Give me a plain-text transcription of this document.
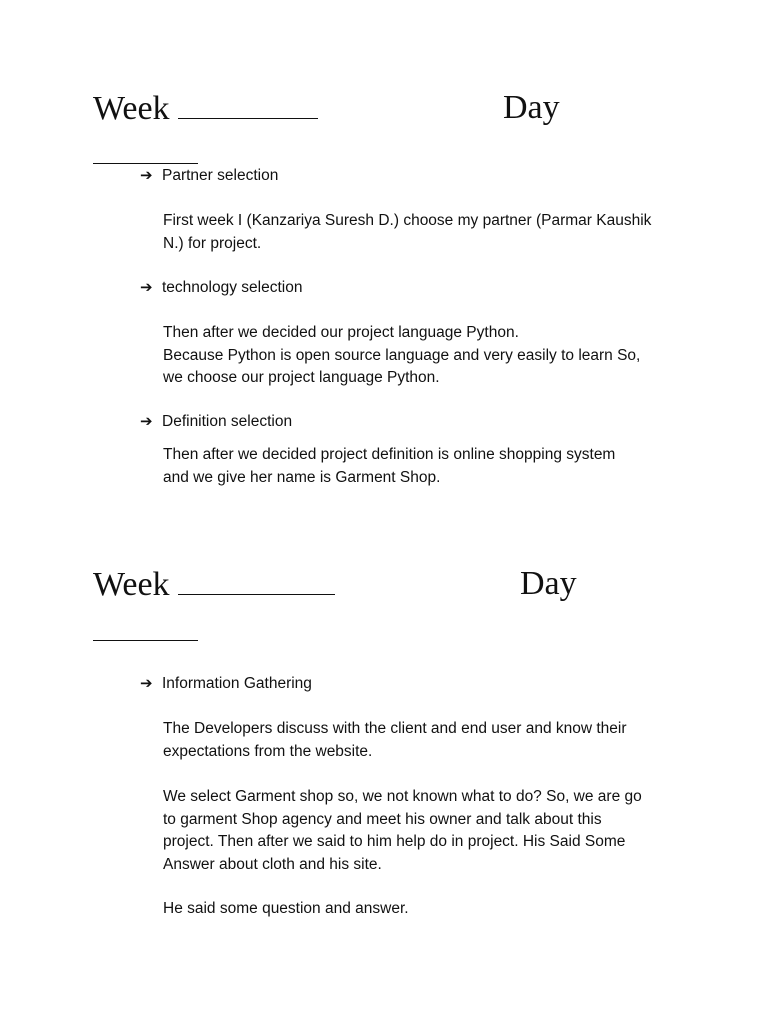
Week	Day
➔ Partner selection
First week I (Kanzariya Suresh D.) choose my partner (Parmar Kaushik
N.) for project.
➔ technology selection
Then after we decided our project language Python.
Because Python is open source language and very easily to learn So,
we choose our project language Python.
➔ Definition selection
Then after we decided project definition is online shopping system
and we give her name is Garment Shop.
Week	Day
➔ Information Gathering
The Developers discuss with the client and end user and know their
expectations from the website.
We select Garment shop so, we not known what to do? So, we are go
to garment Shop agency and meet his owner and talk about this
project. Then after we said to him help do in project. His Said Some
Answer about cloth and his site.
He said some question and answer.
